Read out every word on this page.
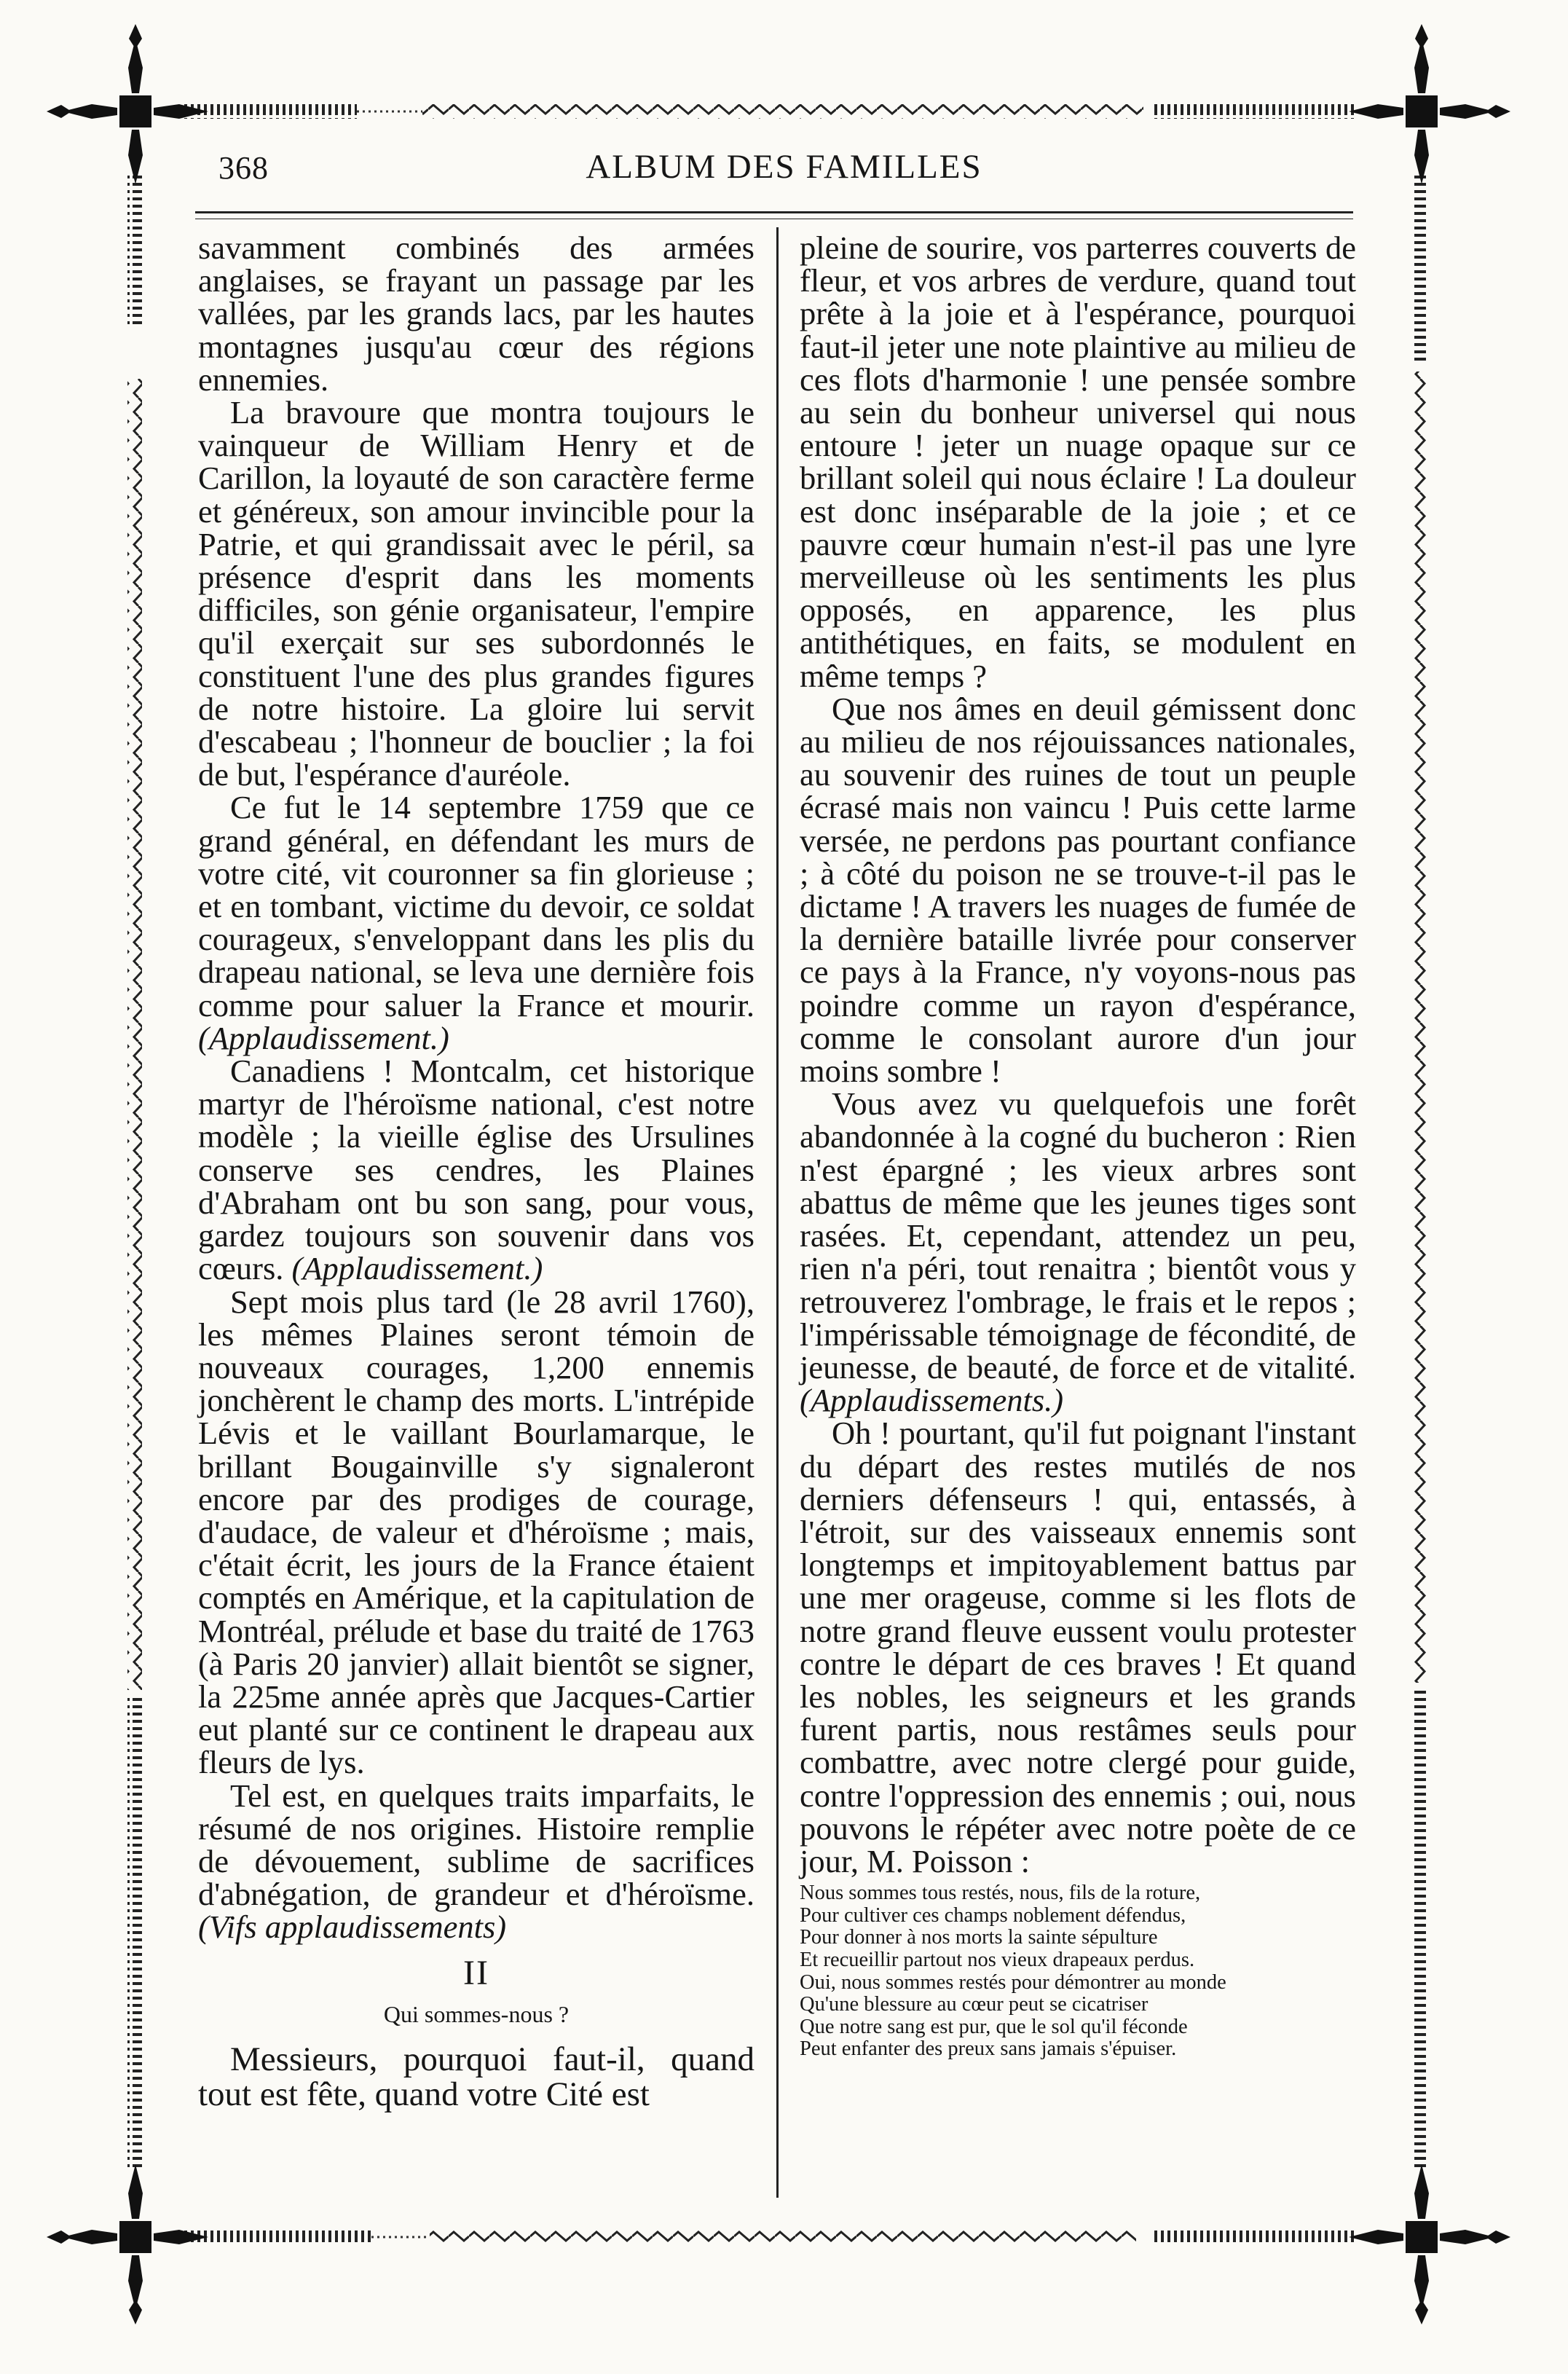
368	ALBUM DES FAMILLES

savamment combinés des armées anglaises, se frayant un passage par les vallées, par les grands lacs, par les hautes montagnes jusqu'au cœur des régions ennemies.

La bravoure que montra toujours le vainqueur de William Henry et de Carillon, la loyauté de son caractère ferme et généreux, son amour invincible pour la Patrie, et qui grandissait avec le péril, sa présence d'esprit dans les moments difficiles, son génie organisateur, l'empire qu'il exerçait sur ses subordonnés le constituent l'une des plus grandes figures de notre histoire. La gloire lui servit d'escabeau ; l'honneur de bouclier ; la foi de but, l'espérance d'auréole.

Ce fut le 14 septembre 1759 que ce grand général, en défendant les murs de votre cité, vit couronner sa fin glorieuse ; et en tombant, victime du devoir, ce soldat courageux, s'enveloppant dans les plis du drapeau national, se leva une dernière fois comme pour saluer la France et mourir. (Applaudissement.)

Canadiens ! Montcalm, cet historique martyr de l'héroïsme national, c'est notre modèle ; la vieille église des Ursulines conserve ses cendres, les Plaines d'Abraham ont bu son sang, pour vous, gardez toujours son souvenir dans vos cœurs. (Applaudissement.)

Sept mois plus tard (le 28 avril 1760), les mêmes Plaines seront témoin de nouveaux courages, 1,200 ennemis jonchèrent le champ des morts. L'intrépide Lévis et le vaillant Bourlamarque, le brillant Bougainville s'y signaleront encore par des prodiges de courage, d'audace, de valeur et d'héroïsme ; mais, c'était écrit, les jours de la France étaient comptés en Amérique, et la capitulation de Montréal, prélude et base du traité de 1763 (à Paris 20 janvier) allait bientôt se signer, la 225me année après que Jacques-Cartier eut planté sur ce continent le drapeau aux fleurs de lys.

Tel est, en quelques traits imparfaits, le résumé de nos origines. Histoire remplie de dévouement, sublime de sacrifices d'abnégation, de grandeur et d'héroïsme. (Vifs applaudissements)

II
Qui sommes-nous ?

Messieurs, pourquoi faut-il, quand tout est fête, quand votre Cité est

pleine de sourire, vos parterres couverts de fleur, et vos arbres de verdure, quand tout prête à la joie et à l'espérance, pourquoi faut-il jeter une note plaintive au milieu de ces flots d'harmonie ! une pensée sombre au sein du bonheur universel qui nous entoure ! jeter un nuage opaque sur ce brillant soleil qui nous éclaire ! La douleur est donc inséparable de la joie ; et ce pauvre cœur humain n'est-il pas une lyre merveilleuse où les sentiments les plus opposés, en apparence, les plus antithétiques, en faits, se modulent en même temps ?

Que nos âmes en deuil gémissent donc au milieu de nos réjouissances nationales, au souvenir des ruines de tout un peuple écrasé mais non vaincu ! Puis cette larme versée, ne perdons pas pourtant confiance ; à côté du poison ne se trouve-t-il pas le dictame ! A travers les nuages de fumée de la dernière bataille livrée pour conserver ce pays à la France, n'y voyons-nous pas poindre comme un rayon d'espérance, comme le consolant aurore d'un jour moins sombre !

Vous avez vu quelquefois une forêt abandonnée à la cogné du bucheron : Rien n'est épargné ; les vieux arbres sont abattus de même que les jeunes tiges sont rasées. Et, cependant, attendez un peu, rien n'a péri, tout renaitra ; bientôt vous y retrouverez l'ombrage, le frais et le repos ; l'impérissable témoignage de fécondité, de jeunesse, de beauté, de force et de vitalité. (Applaudissements.)

Oh ! pourtant, qu'il fut poignant l'instant du départ des restes mutilés de nos derniers défenseurs ! qui, entassés, à l'étroit, sur des vaisseaux ennemis sont longtemps et impitoyablement battus par une mer orageuse, comme si les flots de notre grand fleuve eussent voulu protester contre le départ de ces braves ! Et quand les nobles, les seigneurs et les grands furent partis, nous restâmes seuls pour combattre, avec notre clergé pour guide, contre l'oppression des ennemis ; oui, nous pouvons le répéter avec notre poète de ce jour, M. Poisson :

Nous sommes tous restés, nous, fils de la roture,
Pour cultiver ces champs noblement défendus,
Pour donner à nos morts la sainte sépulture
Et recueillir partout nos vieux drapeaux perdus.
Oui, nous sommes restés pour démontrer au monde
Qu'une blessure au cœur peut se cicatriser
Que notre sang est pur, que le sol qu'il féconde
Peut enfanter des preux sans jamais s'épuiser.
